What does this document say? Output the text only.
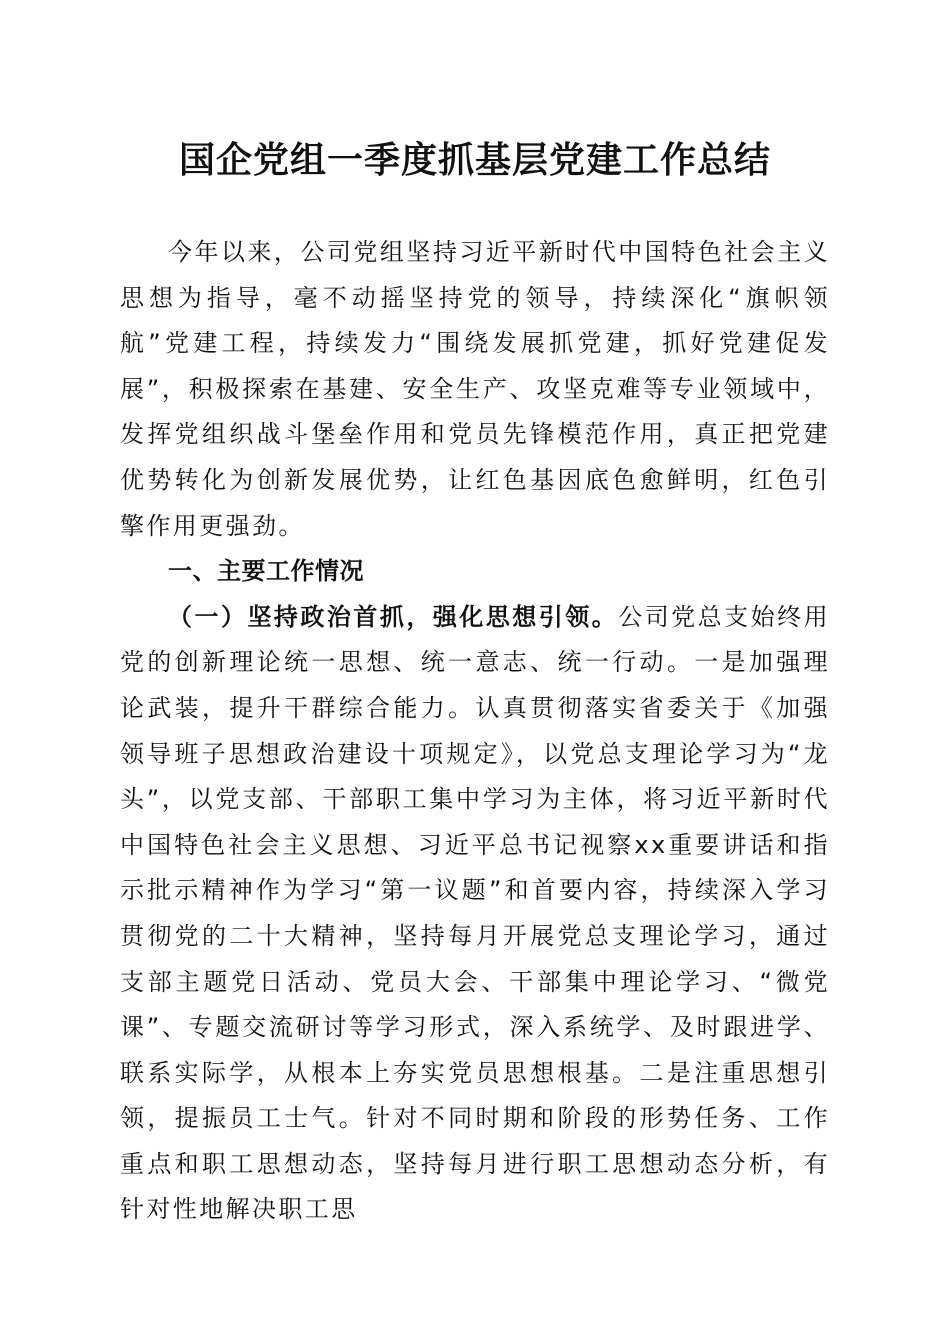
国企党组一季度抓基层党建工作总结

今年以来，公司党组坚持习近平新时代中国特色社会主义思想为指导，毫不动摇坚持党的领导，持续深化“旗帜领航”党建工程，持续发力“围绕发展抓党建，抓好党建促发展”，积极探索在基建、安全生产、攻坚克难等专业领域中，发挥党组织战斗堡垒作用和党员先锋模范作用，真正把党建优势转化为创新发展优势，让红色基因底色愈鲜明，红色引擎作用更强劲。

一、主要工作情况

（一）坚持政治首抓，强化思想引领。公司党总支始终用党的创新理论统一思想、统一意志、统一行动。一是加强理论武装，提升干群综合能力。认真贯彻落实省委关于《加强领导班子思想政治建设十项规定》，以党总支理论学习为“龙头”，以党支部、干部职工集中学习为主体，将习近平新时代中国特色社会主义思想、习近平总书记视察xx重要讲话和指示批示精神作为学习“第一议题”和首要内容，持续深入学习贯彻党的二十大精神，坚持每月开展党总支理论学习，通过支部主题党日活动、党员大会、干部集中理论学习、“微党课”、专题交流研讨等学习形式，深入系统学、及时跟进学、联系实际学，从根本上夯实党员思想根基。二是注重思想引领，提振员工士气。针对不同时期和阶段的形势任务、工作重点和职工思想动态，坚持每月进行职工思想动态分析，有针对性地解决职工思
